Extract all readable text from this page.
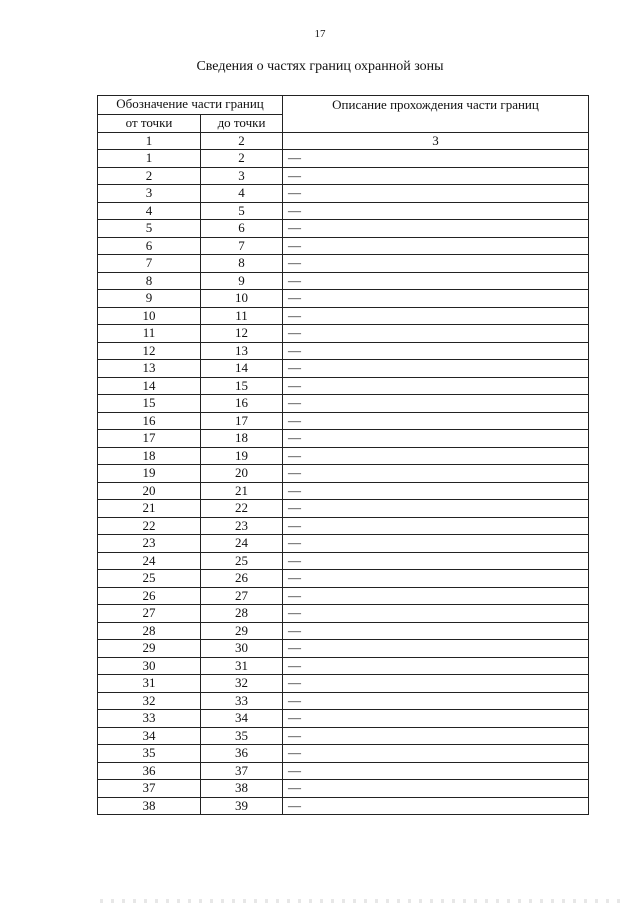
17
Сведения о частях границ охранной зоны
Обозначение части границ		Описание прохождения части границ
от точки	до точки	
1	2	3
1	2	—
2	3	—
3	4	—
4	5	—
5	6	—
6	7	—
7	8	—
8	9	—
9	10	—
10	11	—
11	12	—
12	13	—
13	14	—
14	15	—
15	16	—
16	17	—
17	18	—
18	19	—
19	20	—
20	21	—
21	22	—
22	23	—
23	24	—
24	25	—
25	26	—
26	27	—
27	28	—
28	29	—
29	30	—
30	31	—
31	32	—
32	33	—
33	34	—
34	35	—
35	36	—
36	37	—
37	38	—
38	39	—
